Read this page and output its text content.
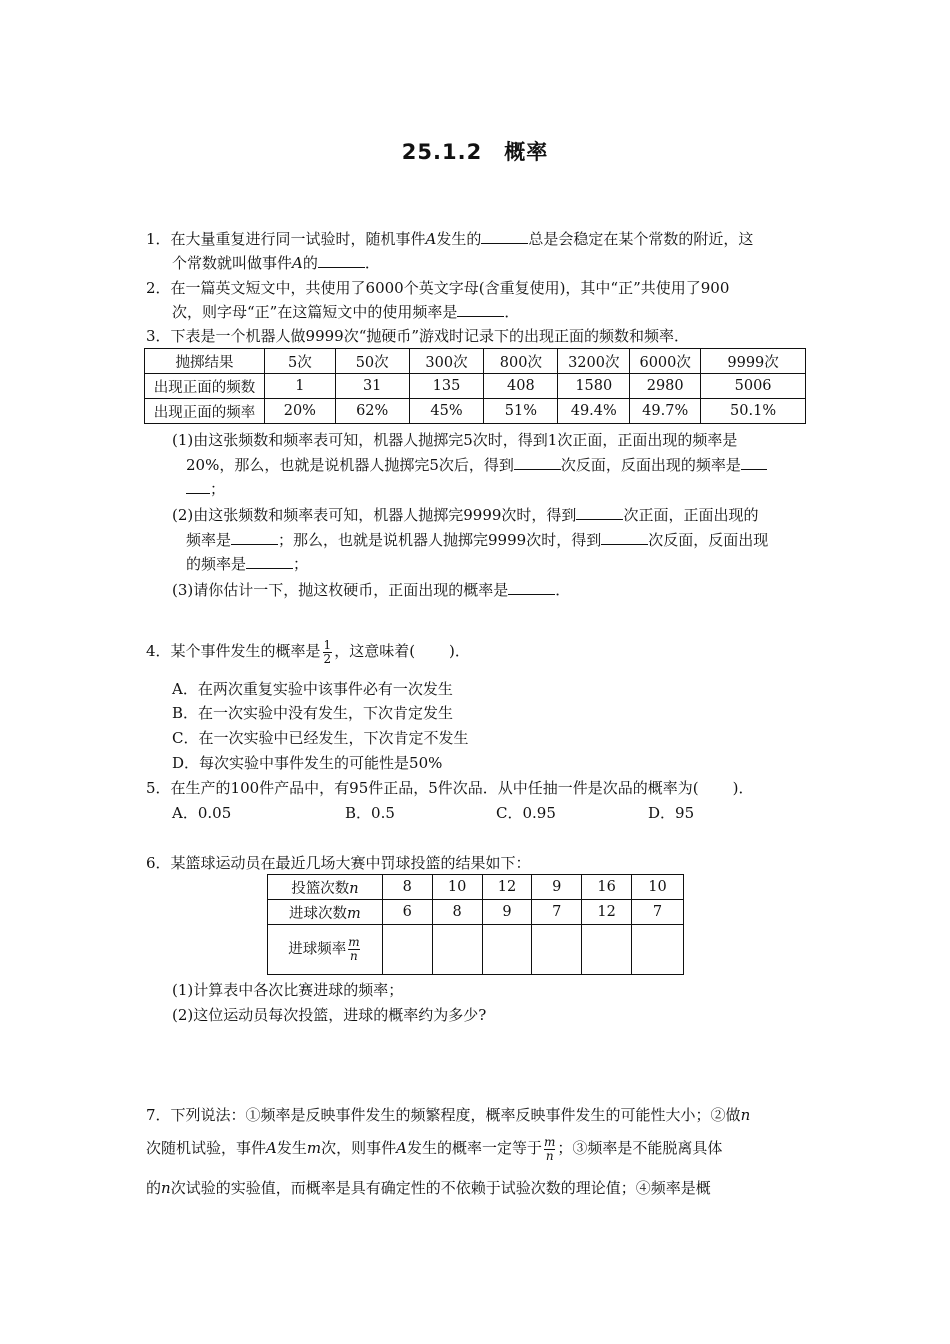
25.1.2　概率
1．在大量重复进行同一试验时，随机事件A发生的	总是会稳定在某个常数的附近，这
个常数就叫做事件A的	．
2．在一篇英文短文中，共使用了6000个英文字母(含重复使用)，其中“正”共使用了900
次，则字母“正”在这篇短文中的使用频率是	．
3．下表是一个机器人做9999次“抛硬币”游戏时记录下的出现正面的频数和频率．
抛掷结果	5次	50次	300次	800次	3200次	6000次	9999次
出现正面的频数	1	31	135	408	1580	2980	5006
出现正面的频率	20%	62%	45%	51%	49.4%	49.7%	50.1%
(1)由这张频数和频率表可知，机器人抛掷完5次时，得到1次正面，正面出现的频率是
20%，那么，也就是说机器人抛掷完5次后，得到	次反面，反面出现的频率是
；
(2)由这张频数和频率表可知，机器人抛掷完9999次时，得到	次正面，正面出现的
频率是	；那么，也就是说机器人抛掷完9999次时，得到	次反面，反面出现
的频率是	；
(3)请你估计一下，抛这枚硬币，正面出现的概率是	．
4．某个事件发生的概率是 $\frac{1}{2}$ ，这意味着( )．
A．在两次重复实验中该事件必有一次发生
B．在一次实验中没有发生，下次肯定发生
C．在一次实验中已经发生，下次肯定不发生
D．每次实验中事件发生的可能性是50%
5．在生产的100件产品中，有95件正品，5件次品．从中任抽一件是次品的概率为( )．
A．0.05	B．0.5	C．0.95	D．95
6．某篮球运动员在最近几场大赛中罚球投篮的结果如下：
投篮次数n	8	10	12	9	16	10
进球次数m	6	8	9	7	12	7
进球频率 $\frac{m}{n}$

(1)计算表中各次比赛进球的频率；
(2)这位运动员每次投篮，进球的概率约为多少?
7．下列说法：①频率是反映事件发生的频繁程度，概率反映事件发生的可能性大小；②做n
次随机试验，事件A发生m次，则事件A发生的概率一定等于 $\frac{m}{n}$ ；③频率是不能脱离具体
的n次试验的实验值，而概率是具有确定性的不依赖于试验次数的理论值；④频率是概
